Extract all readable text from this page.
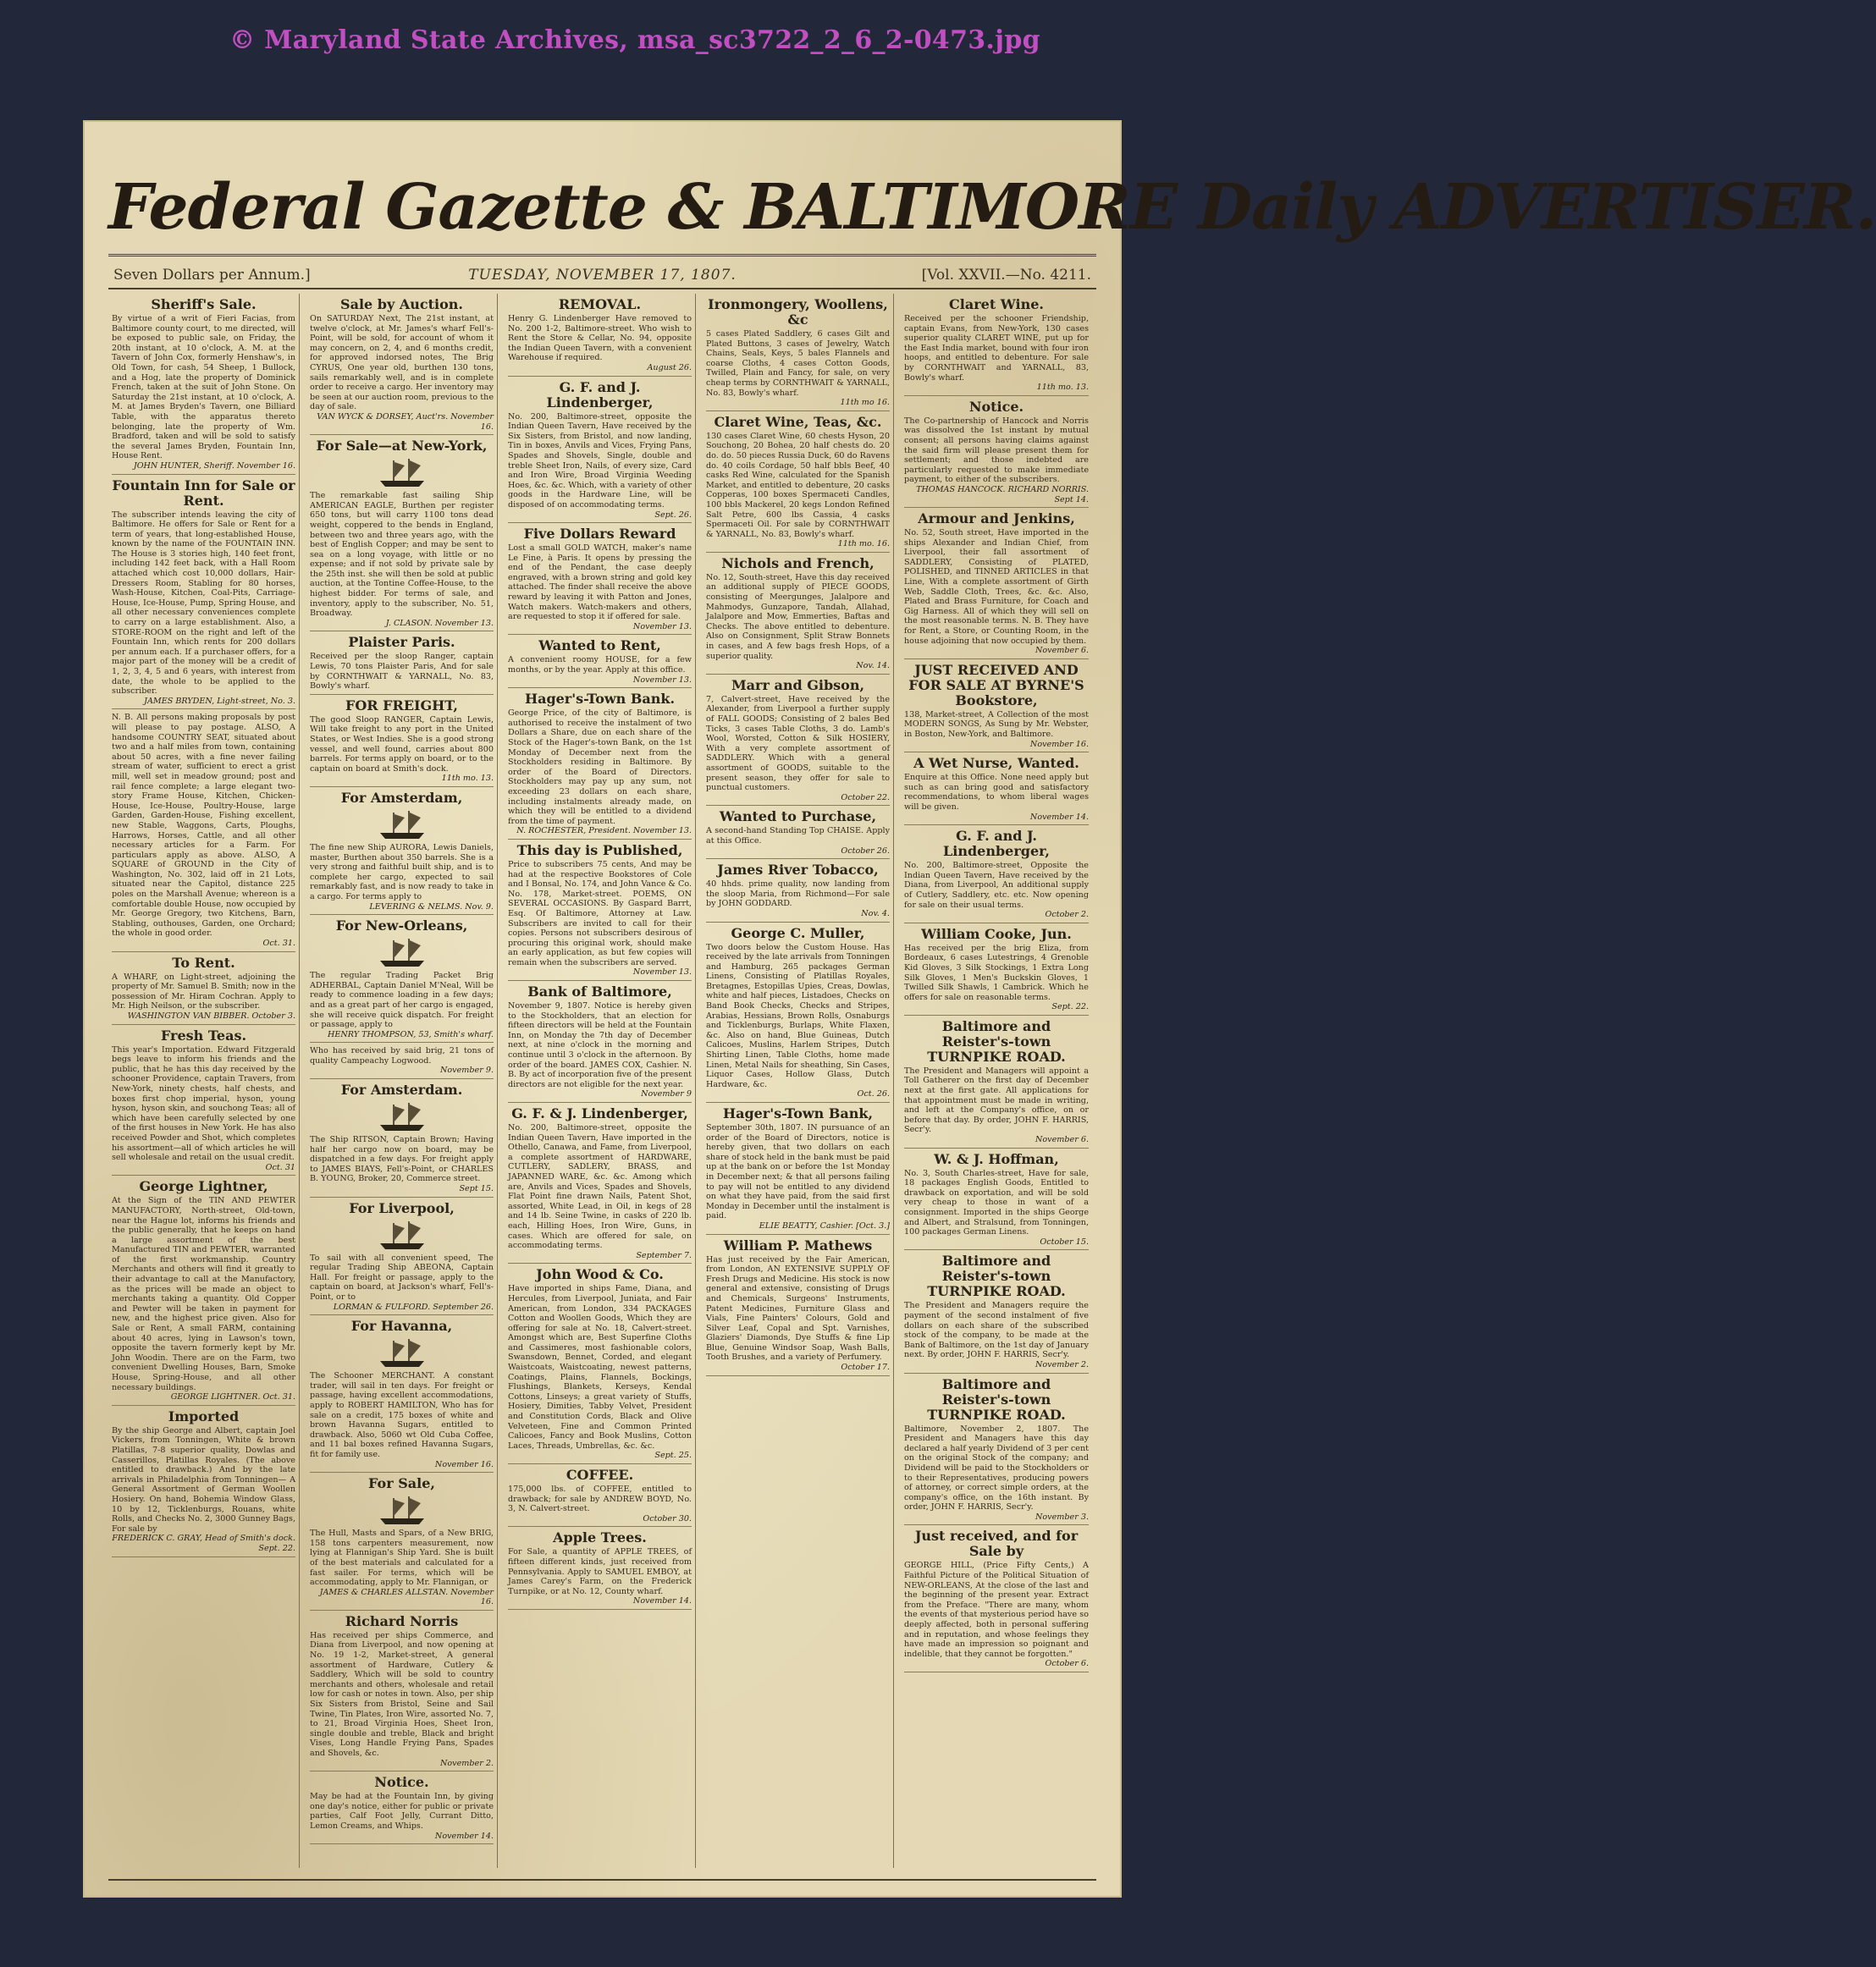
© Maryland State Archives, msa_sc3722_2_6_2-0473.jpg
Federal Gazette & BALTIMORE Daily ADVERTISER.
Seven Dollars per Annum.]	TUESDAY, NOVEMBER 17, 1807.	[Vol. XXVII.—No. 4211.
Sheriff's Sale.
By virtue of a writ of Fieri Facias, from Baltimore county court, to me directed, will be exposed to public sale, on Friday, the 20th instant, at 10 o'clock, A. M. at the Tavern of John Cox, formerly Henshaw's, in Old Town, for cash, 54 Sheep, 1 Bullock, and a Hog, late the property of Dominick French, taken at the suit of John Stone. On Saturday the 21st instant, at 10 o'clock, A. M. at James Bryden's Tavern, one Billiard Table, with the apparatus thereto belonging, late the property of Wm. Bradford, taken and will be sold to satisfy the several James Bryden, Fountain Inn, House Rent.
JOHN HUNTER, Sheriff. November 16.
Fountain Inn for Sale or Rent.
The subscriber intends leaving the city of Baltimore. He offers for Sale or Rent for a term of years, that long-established House, known by the name of the FOUNTAIN INN. The House is 3 stories high, 140 feet front, including 142 feet back, with a Hall Room attached which cost 10,000 dollars, Hair-Dressers Room, Stabling for 80 horses, Wash-House, Kitchen, Coal-Pits, Carriage-House, Ice-House, Pump, Spring House, and all other necessary conveniences complete to carry on a large establishment. Also, a STORE-ROOM on the right and left of the Fountain Inn, which rents for 200 dollars per annum each. If a purchaser offers, for a major part of the money will be a credit of 1, 2, 3, 4, 5 and 6 years, with interest from date, the whole to be applied to the subscriber.
JAMES BRYDEN, Light-street, No. 3.
N. B. All persons making proposals by post will please to pay postage. ALSO, A handsome COUNTRY SEAT, situated about two and a half miles from town, containing about 50 acres, with a fine never failing stream of water, sufficient to erect a grist mill, well set in meadow ground; post and rail fence complete; a large elegant two-story Frame House, Kitchen, Chicken-House, Ice-House, Poultry-House, large Garden, Garden-House, Fishing excellent, new Stable, Waggons, Carts, Ploughs, Harrows, Horses, Cattle, and all other necessary articles for a Farm. For particulars apply as above. ALSO, A SQUARE of GROUND in the City of Washington, No. 302, laid off in 21 Lots, situated near the Capitol, distance 225 poles on the Marshall Avenue; whereon is a comfortable double House, now occupied by Mr. George Gregory, two Kitchens, Barn, Stabling, outhouses, Garden, one Orchard; the whole in good order.
Oct. 31.
To Rent.
A WHARF, on Light-street, adjoining the property of Mr. Samuel B. Smith; now in the possession of Mr. Hiram Cochran. Apply to Mr. High Neilson, or the subscriber.
WASHINGTON VAN BIBBER. October 3.
Fresh Teas.
This year's Importation. Edward Fitzgerald begs leave to inform his friends and the public, that he has this day received by the schooner Providence, captain Travers, from New-York, ninety chests, half chests, and boxes first chop imperial, hyson, young hyson, hyson skin, and souchong Teas; all of which have been carefully selected by one of the first houses in New York. He has also received Powder and Shot, which completes his assortment—all of which articles he will sell wholesale and retail on the usual credit.
Oct. 31
George Lightner,
At the Sign of the TIN AND PEWTER MANUFACTORY, North-street, Old-town, near the Hague lot, informs his friends and the public generally, that he keeps on hand a large assortment of the best Manufactured TIN and PEWTER, warranted of the first workmanship. Country Merchants and others will find it greatly to their advantage to call at the Manufactory, as the prices will be made an object to merchants taking a quantity. Old Copper and Pewter will be taken in payment for new, and the highest price given. Also for Sale or Rent, A small FARM, containing about 40 acres, lying in Lawson's town, opposite the tavern formerly kept by Mr. John Woodin. There are on the Farm, two convenient Dwelling Houses, Barn, Smoke House, Spring-House, and all other necessary buildings.
GEORGE LIGHTNER. Oct. 31.
Imported
By the ship George and Albert, captain Joel Vickers, from Tonningen, White & brown Platillas, 7-8 superior quality, Dowlas and Casserillos, Platillas Royales. (The above entitled to drawback.) And by the late arrivals in Philadelphia from Tonningen— A General Assortment of German Woollen Hosiery. On hand, Bohemia Window Glass, 10 by 12, Ticklenburgs, Rouans, white Rolls, and Checks No. 2, 3000 Gunney Bags, For sale by
FREDERICK C. GRAY, Head of Smith's dock. Sept. 22.
Sale by Auction.
On SATURDAY Next, The 21st instant, at twelve o'clock, at Mr. James's wharf Fell's-Point, will be sold, for account of whom it may concern, on 2, 4, and 6 months credit, for approved indorsed notes, The Brig CYRUS, One year old, burthen 130 tons, sails remarkably well, and is in complete order to receive a cargo. Her inventory may be seen at our auction room, previous to the day of sale.
VAN WYCK & DORSEY, Auct'rs. November 16.
For Sale—at New-York,
The remarkable fast sailing Ship AMERICAN EAGLE, Burthen per register 650 tons, but will carry 1100 tons dead weight, coppered to the bends in England, between two and three years ago, with the best of English Copper; and may be sent to sea on a long voyage, with little or no expense; and if not sold by private sale by the 25th inst. she will then be sold at public auction, at the Tontine Coffee-House, to the highest bidder. For terms of sale, and inventory, apply to the subscriber, No. 51, Broadway.
J. CLASON. November 13.
Plaister Paris.
Received per the sloop Ranger, captain Lewis, 70 tons Plaister Paris, And for sale by CORNTHWAIT & YARNALL, No. 83, Bowly's wharf.
FOR FREIGHT,
The good Sloop RANGER, Captain Lewis, Will take freight to any port in the United States, or West Indies. She is a good strong vessel, and well found, carries about 800 barrels. For terms apply on board, or to the captain on board at Smith's dock.
11th mo. 13.
For Amsterdam,
The fine new Ship AURORA, Lewis Daniels, master, Burthen about 350 barrels. She is a very strong and faithful built ship, and is to complete her cargo, expected to sail remarkably fast, and is now ready to take in a cargo. For terms apply to
LEVERING & NELMS. Nov. 9.
For New-Orleans,
The regular Trading Packet Brig ADHERBAL, Captain Daniel M'Neal, Will be ready to commence loading in a few days; and as a great part of her cargo is engaged, she will receive quick dispatch. For freight or passage, apply to
HENRY THOMPSON, 53, Smith's wharf.
Who has received by said brig, 21 tons of quality Campeachy Logwood.
November 9.
For Amsterdam.
The Ship RITSON, Captain Brown; Having half her cargo now on board, may be dispatched in a few days. For freight apply to JAMES BIAYS, Fell's-Point, or CHARLES B. YOUNG, Broker, 20, Commerce street.
Sept 15.
For Liverpool,
To sail with all convenient speed, The regular Trading Ship ABEONA, Captain Hall. For freight or passage, apply to the captain on board, at Jackson's wharf, Fell's-Point, or to
LORMAN & FULFORD. September 26.
For Havanna,
The Schooner MERCHANT. A constant trader, will sail in ten days. For freight or passage, having excellent accommodations, apply to ROBERT HAMILTON, Who has for sale on a credit, 175 boxes of white and brown Havanna Sugars, entitled to drawback. Also, 5060 wt Old Cuba Coffee, and 11 bal boxes refined Havanna Sugars, fit for family use.
November 16.
For Sale,
The Hull, Masts and Spars, of a New BRIG, 158 tons carpenters measurement, now lying at Flannigan's Ship Yard. She is built of the best materials and calculated for a fast sailer. For terms, which will be accommodating, apply to Mr. Flannigan, or
JAMES & CHARLES ALLSTAN. November 16.
Richard Norris
Has received per ships Commerce, and Diana from Liverpool, and now opening at No. 19 1-2, Market-street, A general assortment of Hardware, Cutlery & Saddlery, Which will be sold to country merchants and others, wholesale and retail low for cash or notes in town. Also, per ship Six Sisters from Bristol, Seine and Sail Twine, Tin Plates, Iron Wire, assorted No. 7, to 21, Broad Virginia Hoes, Sheet Iron, single double and treble, Black and bright Vises, Long Handle Frying Pans, Spades and Shovels, &c.
November 2.
Notice.
May be had at the Fountain Inn, by giving one day's notice, either for public or private parties, Calf Foot Jelly, Currant Ditto, Lemon Creams, and Whips.
November 14.
REMOVAL.
Henry G. Lindenberger Have removed to No. 200 1-2, Baltimore-street. Who wish to Rent the Store & Cellar, No. 94, opposite the Indian Queen Tavern, with a convenient Warehouse if required.
August 26.
G. F. and J. Lindenberger,
No. 200, Baltimore-street, opposite the Indian Queen Tavern, Have received by the Six Sisters, from Bristol, and now landing, Tin in boxes, Anvils and Vices, Frying Pans, Spades and Shovels, Single, double and treble Sheet Iron, Nails, of every size, Card and Iron Wire, Broad Virginia Weeding Hoes, &c. &c. Which, with a variety of other goods in the Hardware Line, will be disposed of on accommodating terms.
Sept. 26.
Five Dollars Reward
Lost a small GOLD WATCH, maker's name Le Fine, à Paris. It opens by pressing the end of the Pendant, the case deeply engraved, with a brown string and gold key attached. The finder shall receive the above reward by leaving it with Patton and Jones, Watch makers. Watch-makers and others, are requested to stop it if offered for sale.
November 13.
Wanted to Rent,
A convenient roomy HOUSE, for a few months, or by the year. Apply at this office.
November 13.
Hager's-Town Bank.
George Price, of the city of Baltimore, is authorised to receive the instalment of two Dollars a Share, due on each share of the Stock of the Hager's-town Bank, on the 1st Monday of December next from the Stockholders residing in Baltimore. By order of the Board of Directors. Stockholders may pay up any sum, not exceeding 23 dollars on each share, including instalments already made, on which they will be entitled to a dividend from the time of payment.
N. ROCHESTER, President. November 13.
This day is Published,
Price to subscribers 75 cents, And may be had at the respective Bookstores of Cole and I Bonsal, No. 174, and John Vance & Co. No. 178, Market-street. POEMS, ON SEVERAL OCCASIONS. By Gaspard Barrt, Esq. Of Baltimore, Attorney at Law. Subscribers are invited to call for their copies. Persons not subscribers desirous of procuring this original work, should make an early application, as but few copies will remain when the subscribers are served.
November 13.
Bank of Baltimore,
November 9, 1807. Notice is hereby given to the Stockholders, that an election for fifteen directors will be held at the Fountain Inn, on Monday the 7th day of December next, at nine o'clock in the morning and continue until 3 o'clock in the afternoon. By order of the board. JAMES COX, Cashier. N. B. By act of incorporation five of the present directors are not eligible for the next year.
November 9
G. F. & J. Lindenberger,
No. 200, Baltimore-street, opposite the Indian Queen Tavern, Have imported in the Othello, Canawa, and Fame, from Liverpool, a complete assortment of HARDWARE, CUTLERY, SADLERY, BRASS, and JAPANNED WARE, &c. &c. Among which are, Anvils and Vices, Spades and Shovels, Flat Point fine drawn Nails, Patent Shot, assorted, White Lead, in Oil, in kegs of 28 and 14 lb. Seine Twine, in casks of 220 lb. each, Hilling Hoes, Iron Wire, Guns, in cases. Which are offered for sale, on accommodating terms.
September 7.
John Wood & Co.
Have imported in ships Fame, Diana, and Hercules, from Liverpool, Juniata, and Fair American, from London, 334 PACKAGES Cotton and Woollen Goods, Which they are offering for sale at No. 18, Calvert-street. Amongst which are, Best Superfine Cloths and Cassimeres, most fashionable colors, Swansdown, Bennet, Corded, and elegant Waistcoats, Waistcoating, newest patterns, Coatings, Plains, Flannels, Bockings, Flushings, Blankets, Kerseys, Kendal Cottons, Linseys; a great variety of Stuffs, Hosiery, Dimities, Tabby Velvet, President and Constitution Cords, Black and Olive Velveteen, Fine and Common Printed Calicoes, Fancy and Book Muslins, Cotton Laces, Threads, Umbrellas, &c. &c.
Sept. 25.
COFFEE.
175,000 lbs. of COFFEE, entitled to drawback; for sale by ANDREW BOYD, No. 3, N. Calvert-street.
October 30.
Apple Trees.
For Sale, a quantity of APPLE TREES, of fifteen different kinds, just received from Pennsylvania. Apply to SAMUEL EMBOY, at James Carey's Farm, on the Frederick Turnpike, or at No. 12, County wharf.
November 14.
Ironmongery, Woollens, &c
5 cases Plated Saddlery, 6 cases Gilt and Plated Buttons, 3 cases of Jewelry, Watch Chains, Seals, Keys, 5 bales Flannels and coarse Cloths, 4 cases Cotton Goods, Twilled, Plain and Fancy, for sale, on very cheap terms by CORNTHWAIT & YARNALL, No. 83, Bowly's wharf.
11th mo 16.
Claret Wine, Teas, &c.
130 cases Claret Wine, 60 chests Hyson, 20 Souchong, 20 Bohea, 20 half chests do. 20 do. do. 50 pieces Russia Duck, 60 do Ravens do. 40 coils Cordage, 50 half bbls Beef, 40 casks Red Wine, calculated for the Spanish Market, and entitled to debenture, 20 casks Copperas, 100 boxes Spermaceti Candles, 100 bbls Mackerel, 20 kegs London Refined Salt Petre, 600 lbs Cassia, 4 casks Spermaceti Oil. For sale by CORNTHWAIT & YARNALL, No. 83, Bowly's wharf.
11th mo. 16.
Nichols and French,
No. 12, South-street, Have this day received an additional supply of PIECE GOODS, consisting of Meergunges, Jalalpore and Mahmodys, Gunzapore, Tandah, Allahad, Jalalpore and Mow, Emmerties, Baftas and Checks. The above entitled to debenture. Also on Consignment, Split Straw Bonnets in cases, and A few bags fresh Hops, of a superior quality.
Nov. 14.
Marr and Gibson,
7, Calvert-street, Have received by the Alexander, from Liverpool a further supply of FALL GOODS; Consisting of 2 bales Bed Ticks, 3 cases Table Cloths, 3 do. Lamb's Wool, Worsted, Cotton & Silk HOSIERY, With a very complete assortment of SADDLERY. Which with a general assortment of GOODS, suitable to the present season, they offer for sale to punctual customers.
October 22.
Wanted to Purchase,
A second-hand Standing Top CHAISE. Apply at this Office.
October 26.
James River Tobacco,
40 hhds. prime quality, now landing from the sloop Maria, from Richmond—For sale by JOHN GODDARD.
Nov. 4.
George C. Muller,
Two doors below the Custom House. Has received by the late arrivals from Tonningen and Hamburg, 265 packages German Linens, Consisting of Platillas Royales, Bretagnes, Estopillas Upies, Creas, Dowlas, white and half pieces, Listadoes, Checks on Band Book Checks, Checks and Stripes, Arabias, Hessians, Brown Rolls, Osnaburgs and Ticklenburgs, Burlaps, White Flaxen, &c. Also on hand, Blue Guineas, Dutch Calicoes, Muslins, Harlem Stripes, Dutch Shirting Linen, Table Cloths, home made Linen, Metal Nails for sheathing, Sin Cases, Liquor Cases, Hollow Glass, Dutch Hardware, &c.
Oct. 26.
Hager's-Town Bank,
September 30th, 1807. IN pursuance of an order of the Board of Directors, notice is hereby given, that two dollars on each share of stock held in the bank must be paid up at the bank on or before the 1st Monday in December next; & that all persons failing to pay will not be entitled to any dividend on what they have paid, from the said first Monday in December until the instalment is paid.
ELIE BEATTY, Cashier. [Oct. 3.]
William P. Mathews
Has just received by the Fair American, from London, AN EXTENSIVE SUPPLY OF Fresh Drugs and Medicine. His stock is now general and extensive, consisting of Drugs and Chemicals, Surgeons' Instruments, Patent Medicines, Furniture Glass and Vials, Fine Painters' Colours, Gold and Silver Leaf, Copal and Spt. Varnishes, Glaziers' Diamonds, Dye Stuffs & fine Lip Blue, Genuine Windsor Soap, Wash Balls, Tooth Brushes, and a variety of Perfumery.
October 17.
Claret Wine.
Received per the schooner Friendship, captain Evans, from New-York, 130 cases superior quality CLARET WINE, put up for the East India market, bound with four iron hoops, and entitled to debenture. For sale by CORNTHWAIT and YARNALL, 83, Bowly's wharf.
11th mo. 13.
Notice.
The Co-partnership of Hancock and Norris was dissolved the 1st instant by mutual consent; all persons having claims against the said firm will please present them for settlement; and those indebted are particularly requested to make immediate payment, to either of the subscribers.
THOMAS HANCOCK. RICHARD NORRIS. Sept 14.
Armour and Jenkins,
No. 52, South street, Have imported in the ships Alexander and Indian Chief, from Liverpool, their fall assortment of SADDLERY, Consisting of PLATED, POLISHED, and TINNED ARTICLES in that Line, With a complete assortment of Girth Web, Saddle Cloth, Trees, &c. &c. Also, Plated and Brass Furniture, for Coach and Gig Harness. All of which they will sell on the most reasonable terms. N. B. They have for Rent, a Store, or Counting Room, in the house adjoining that now occupied by them.
November 6.
JUST RECEIVED AND FOR SALE AT BYRNE'S Bookstore,
138, Market-street, A Collection of the most MODERN SONGS, As Sung by Mr. Webster, in Boston, New-York, and Baltimore.
November 16.
A Wet Nurse, Wanted.
Enquire at this Office. None need apply but such as can bring good and satisfactory recommendations, to whom liberal wages will be given.
November 14.
G. F. and J. Lindenberger,
No. 200, Baltimore-street, Opposite the Indian Queen Tavern, Have received by the Diana, from Liverpool, An additional supply of Cutlery, Saddlery, etc. etc. Now opening for sale on their usual terms.
October 2.
William Cooke, Jun.
Has received per the brig Eliza, from Bordeaux, 6 cases Lutestrings, 4 Grenoble Kid Gloves, 3 Silk Stockings, 1 Extra Long Silk Gloves, 1 Men's Buckskin Gloves, 1 Twilled Silk Shawls, 1 Cambrick. Which he offers for sale on reasonable terms.
Sept. 22.
Baltimore and Reister's-town TURNPIKE ROAD.
The President and Managers will appoint a Toll Gatherer on the first day of December next at the first gate. All applications for that appointment must be made in writing, and left at the Company's office, on or before that day. By order, JOHN F. HARRIS, Secr'y.
November 6.
W. & J. Hoffman,
No. 3, South Charles-street, Have for sale, 18 packages English Goods, Entitled to drawback on exportation, and will be sold very cheap to those in want of a consignment. Imported in the ships George and Albert, and Stralsund, from Tonningen, 100 packages German Linens.
October 15.
Baltimore and Reister's-town TURNPIKE ROAD.
The President and Managers require the payment of the second instalment of five dollars on each share of the subscribed stock of the company, to be made at the Bank of Baltimore, on the 1st day of January next. By order, JOHN F. HARRIS, Secr'y.
November 2.
Baltimore and Reister's-town TURNPIKE ROAD.
Baltimore, November 2, 1807. The President and Managers have this day declared a half yearly Dividend of 3 per cent on the original Stock of the company; and Dividend will be paid to the Stockholders or to their Representatives, producing powers of attorney, or correct simple orders, at the company's office, on the 16th instant. By order, JOHN F. HARRIS, Secr'y.
November 3.
Just received, and for Sale by
GEORGE HILL, (Price Fifty Cents,) A Faithful Picture of the Political Situation of NEW-ORLEANS, At the close of the last and the beginning of the present year. Extract from the Preface. "There are many, whom the events of that mysterious period have so deeply affected, both in personal suffering and in reputation, and whose feelings they have made an impression so poignant and indelible, that they cannot be forgotten."
October 6.
